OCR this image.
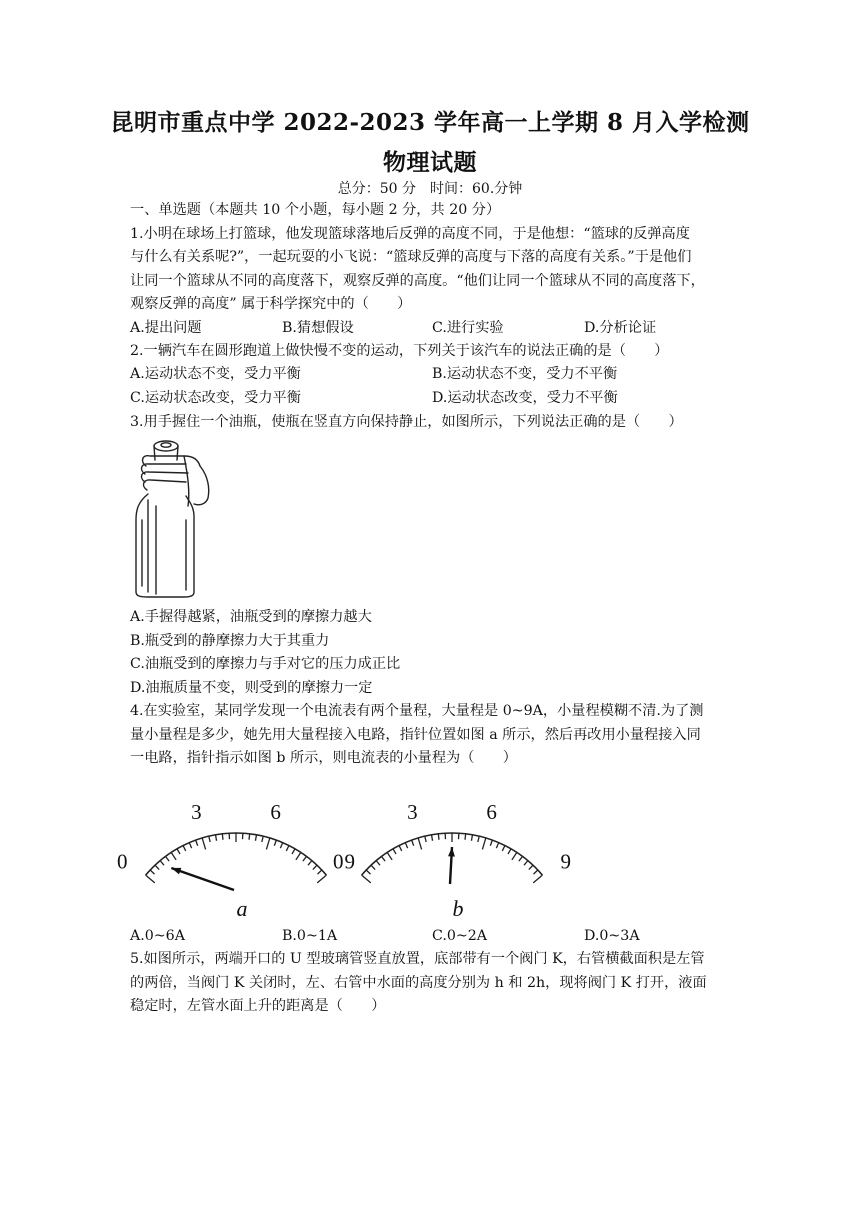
昆明市重点中学 2022-2023 学年高一上学期 8 月入学检测
物理试题
总分：50 分　时间：60.分钟
一、单选题（本题共 10 个小题，每小题 2 分，共 20 分）
1.小明在球场上打篮球，他发现篮球落地后反弹的高度不同，于是他想：“篮球的反弹高度
与什么有关系呢?”，一起玩耍的小飞说：“篮球反弹的高度与下落的高度有关系。”于是他们
让同一个篮球从不同的高度落下，观察反弹的高度。“他们让同一个篮球从不同的高度落下，
观察反弹的高度” 属于科学探究中的（　　）
A.提出问题	B.猜想假设	C.进行实验	D.分析论证
2.一辆汽车在圆形跑道上做快慢不变的运动，下列关于该汽车的说法正确的是（　　）
A.运动状态不变，受力平衡	B.运动状态不变，受力不平衡
C.运动状态改变，受力平衡	D.运动状态改变，受力不平衡
3.用手握住一个油瓶，使瓶在竖直方向保持静止，如图所示，下列说法正确的是（　　）
A.手握得越紧，油瓶受到的摩擦力越大
B.瓶受到的静摩擦力大于其重力
C.油瓶受到的摩擦力与手对它的压力成正比
D.油瓶质量不变，则受到的摩擦力一定
4.在实验室，某同学发现一个电流表有两个量程，大量程是 0~9A，小量程模糊不清.为了测
量小量程是多少，她先用大量程接入电路，指针位置如图 a 所示，然后再改用小量程接入同
一电路，指针指示如图 b 所示，则电流表的小量程为（　　）
0
3	6
9
a
0
3	6
9
b
A.0~6A	B.0~1A	C.0~2A	D.0~3A
5.如图所示，两端开口的 U 型玻璃管竖直放置，底部带有一个阀门 K，右管横截面积是左管
的两倍，当阀门 K 关闭时，左、右管中水面的高度分别为 h 和 2h，现将阀门 K 打开，液面
稳定时，左管水面上升的距离是（　　）
